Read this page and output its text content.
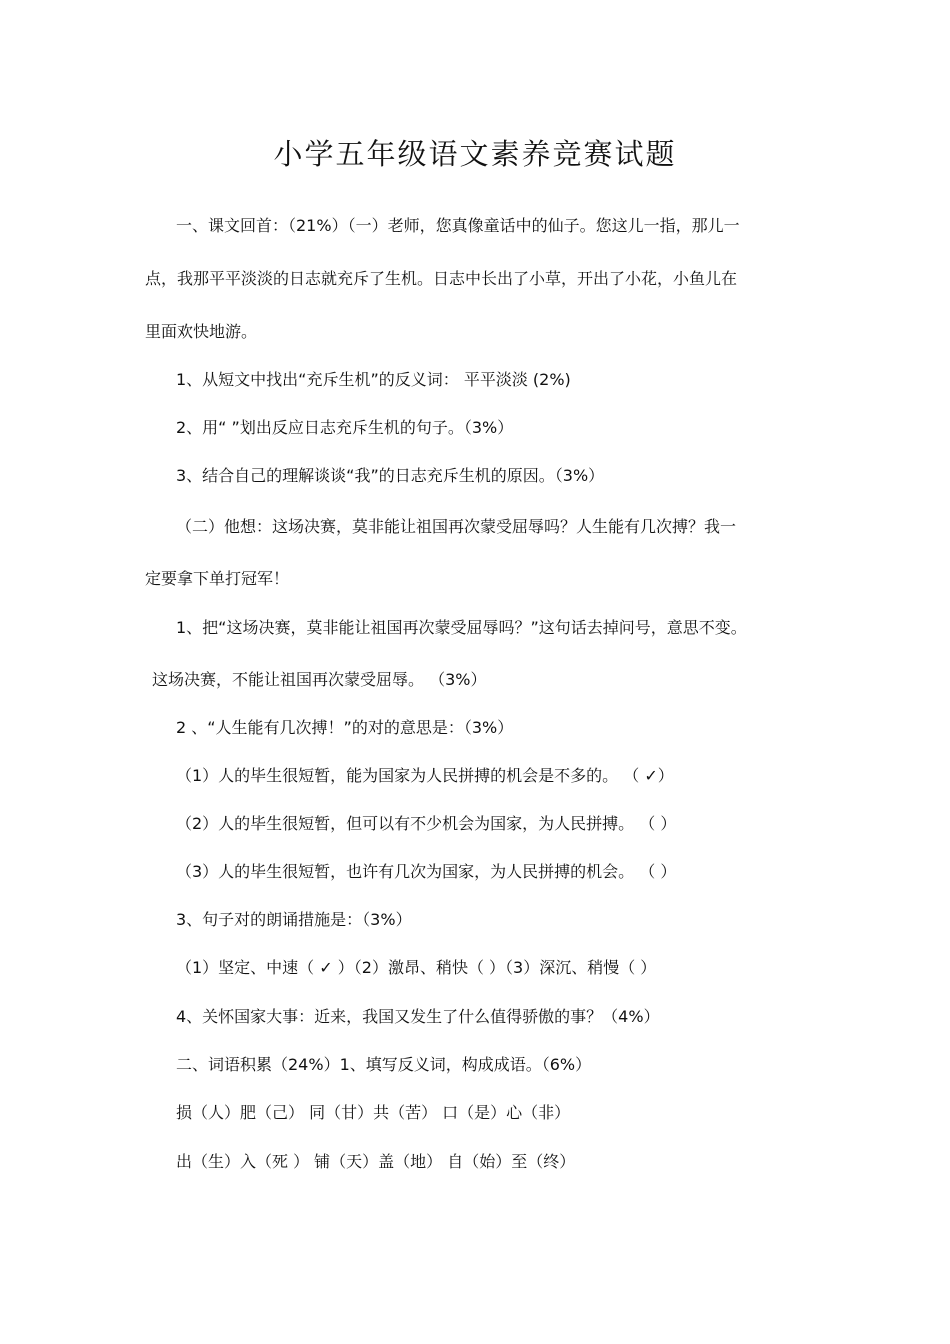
小学五年级语文素养竞赛试题
一、课文回首：（21%）（一）老师，您真像童话中的仙子。您这儿一指，那儿一
点，我那平平淡淡的日志就充斥了生机。日志中长出了小草，开出了小花，小鱼儿在
里面欢快地游。
1、从短文中找出“充斥生机”的反义词： 平平淡淡 (2%)
2、用“ ”划出反应日志充斥生机的句子。（3%）
3、结合自己的理解谈谈“我”的日志充斥生机的原因。（3%）
（二）他想：这场决赛，莫非能让祖国再次蒙受屈辱吗？人生能有几次搏？我一
定要拿下单打冠军！
1、把“这场决赛，莫非能让祖国再次蒙受屈辱吗？”这句话去掉问号，意思不变。
这场决赛，不能让祖国再次蒙受屈辱。 （3%）
2 、“人生能有几次搏！”的对的意思是：（3%）
（1）人的毕生很短暂，能为国家为人民拼搏的机会是不多的。 （ ✓）
（2）人的毕生很短暂，但可以有不少机会为国家，为人民拼搏。 （ ）
（3）人的毕生很短暂，也许有几次为国家，为人民拼搏的机会。 （ ）
3、句子对的朗诵措施是：（3%）
（1）坚定、中速（ ✓ ）（2）激昂、稍快（ ）（3）深沉、稍慢（ ）
4、关怀国家大事：近来，我国又发生了什么值得骄傲的事？（4%）
二、词语积累（24%）1、填写反义词，构成成语。（6%）
损（人）肥（己） 同（甘）共（苦） 口（是）心（非）
出（生）入（死 ） 铺（天）盖（地） 自（始）至（终）
